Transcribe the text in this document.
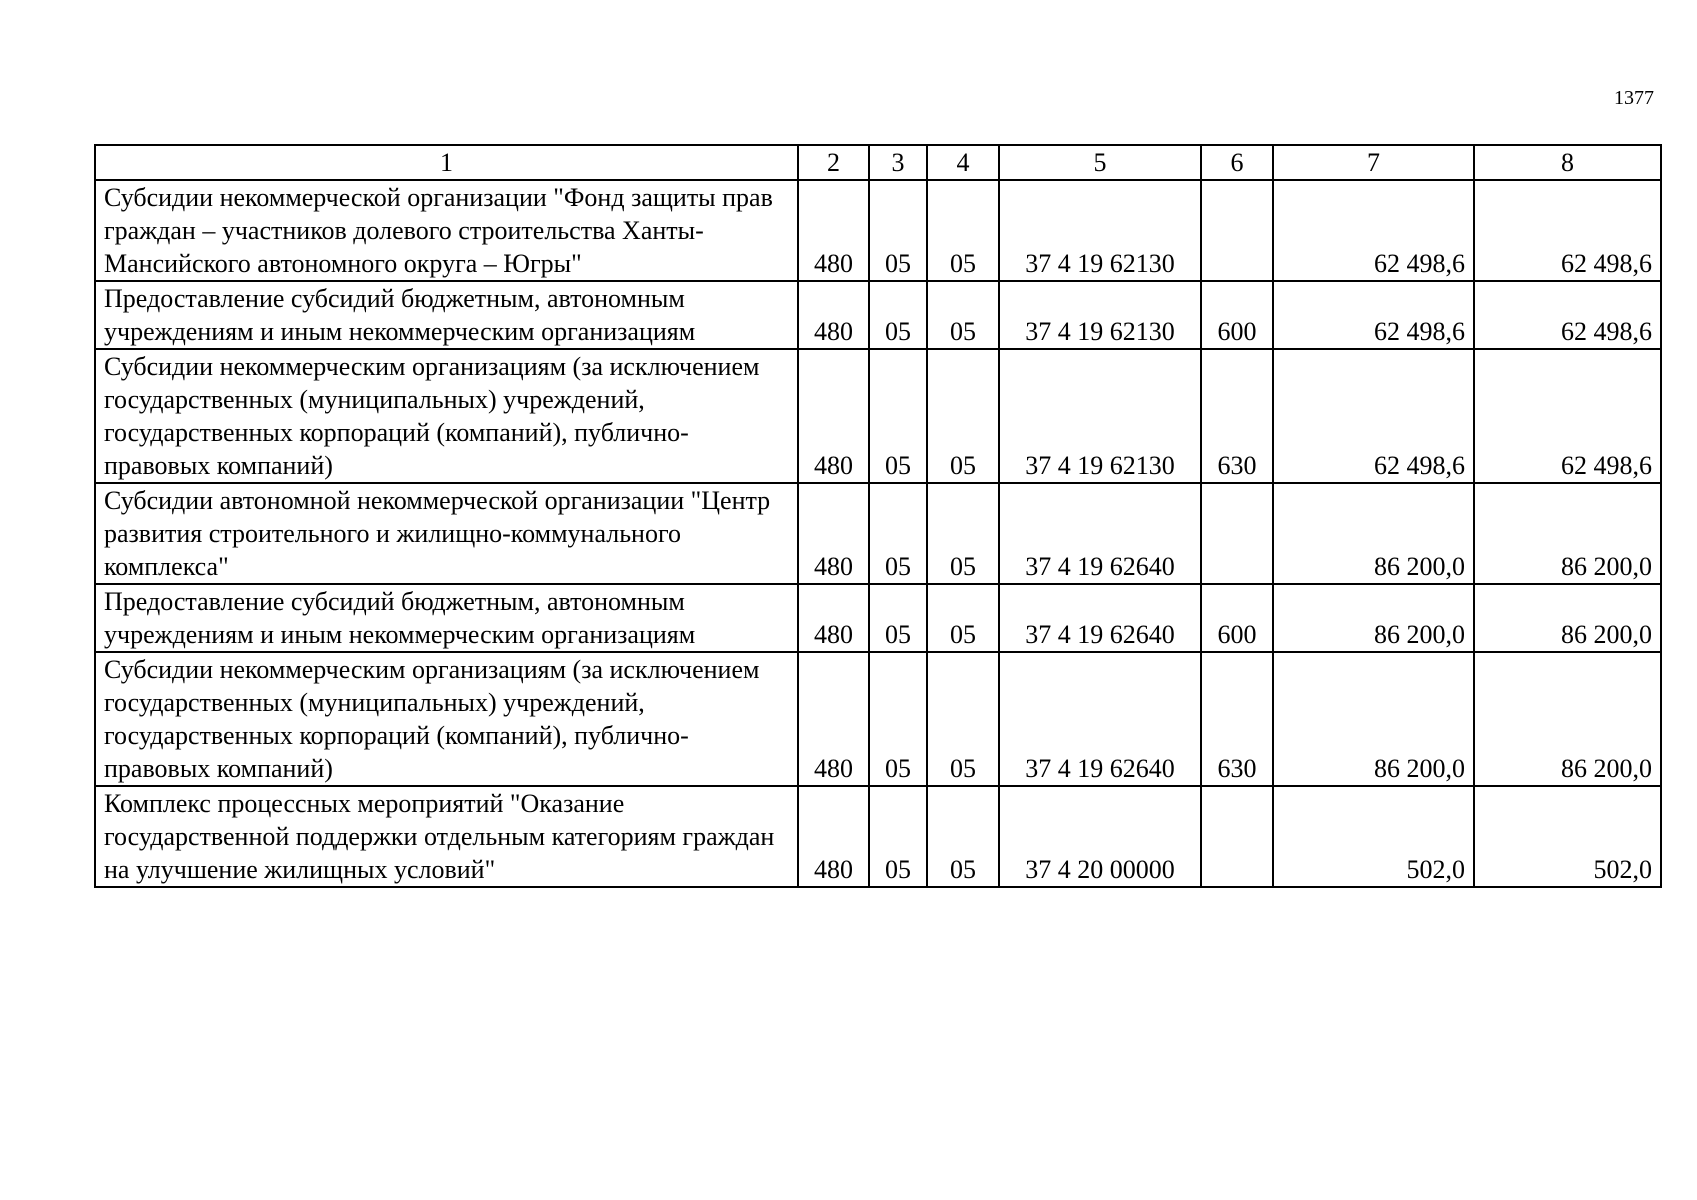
1377
1	2	3	4	5	6	7	8
Субсидии некоммерческой организации "Фонд защиты прав граждан – участников долевого строительства Ханты-Мансийского автономного округа – Югры"	480	05	05	37 4 19 62130		62 498,6	62 498,6
Предоставление субсидий бюджетным, автономным учреждениям и иным некоммерческим организациям	480	05	05	37 4 19 62130	600	62 498,6	62 498,6
Субсидии некоммерческим организациям (за исключением государственных (муниципальных) учреждений, государственных корпораций (компаний), публично-правовых компаний)	480	05	05	37 4 19 62130	630	62 498,6	62 498,6
Субсидии автономной некоммерческой организации "Центр развития строительного и жилищно-коммунального комплекса"	480	05	05	37 4 19 62640		86 200,0	86 200,0
Предоставление субсидий бюджетным, автономным учреждениям и иным некоммерческим организациям	480	05	05	37 4 19 62640	600	86 200,0	86 200,0
Субсидии некоммерческим организациям (за исключением государственных (муниципальных) учреждений, государственных корпораций (компаний), публично-правовых компаний)	480	05	05	37 4 19 62640	630	86 200,0	86 200,0
Комплекс процессных мероприятий "Оказание государственной поддержки отдельным категориям граждан на улучшение жилищных условий"	480	05	05	37 4 20 00000		502,0	502,0
